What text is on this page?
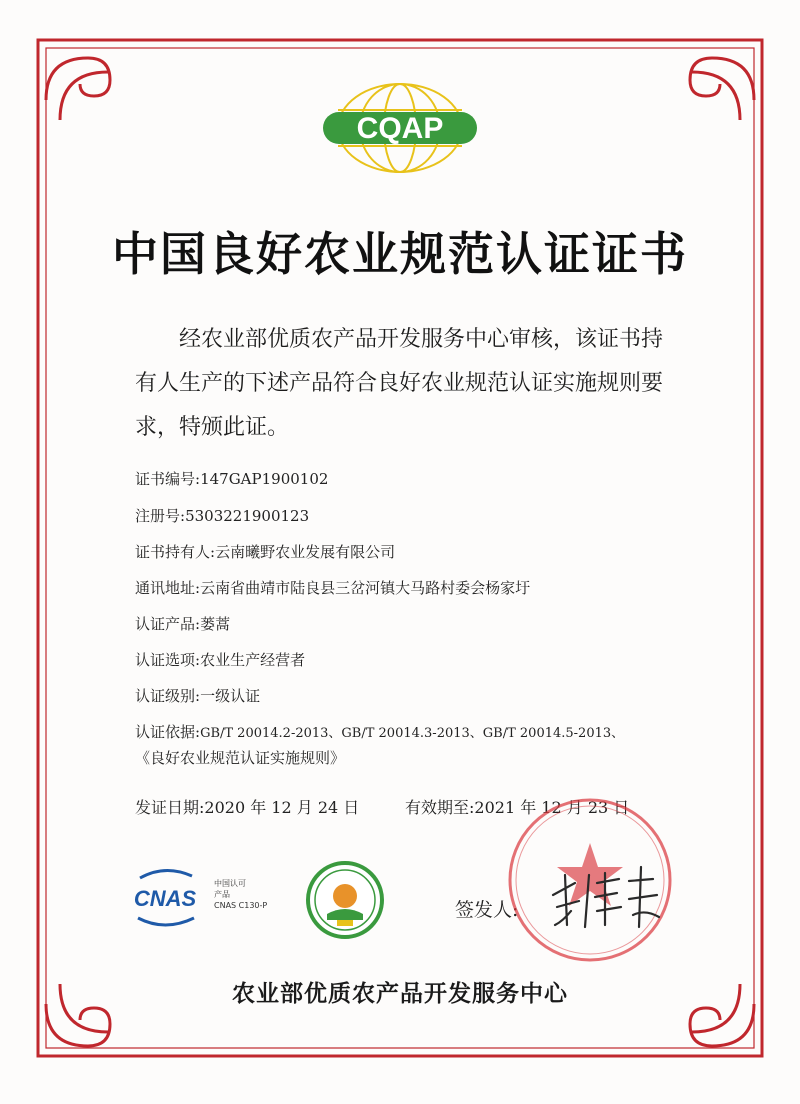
CQAP
中国良好农业规范认证证书

经农业部优质农产品开发服务中心审核，该证书持有人生产的下述产品符合良好农业规范认证实施规则要求，特颁此证。

证书编号:147GAP1900102
注册号:5303221900123
证书持有人:云南曦野农业发展有限公司
通讯地址:云南省曲靖市陆良县三岔河镇大马路村委会杨家圩
认证产品:蒌蒿
认证选项:农业生产经营者
认证级别:一级认证
认证依据:GB/T 20014.2-2013、GB/T 20014.3-2013、GB/T 20014.5-2013、
《良好农业规范认证实施规则》
发证日期:2020 年 12 月 24 日	有效期至:2021 年 12 月 23 日
CNAS
中国认可
产品
CNAS C130-P	签发人:
农业部优质农产品开发服务中心
